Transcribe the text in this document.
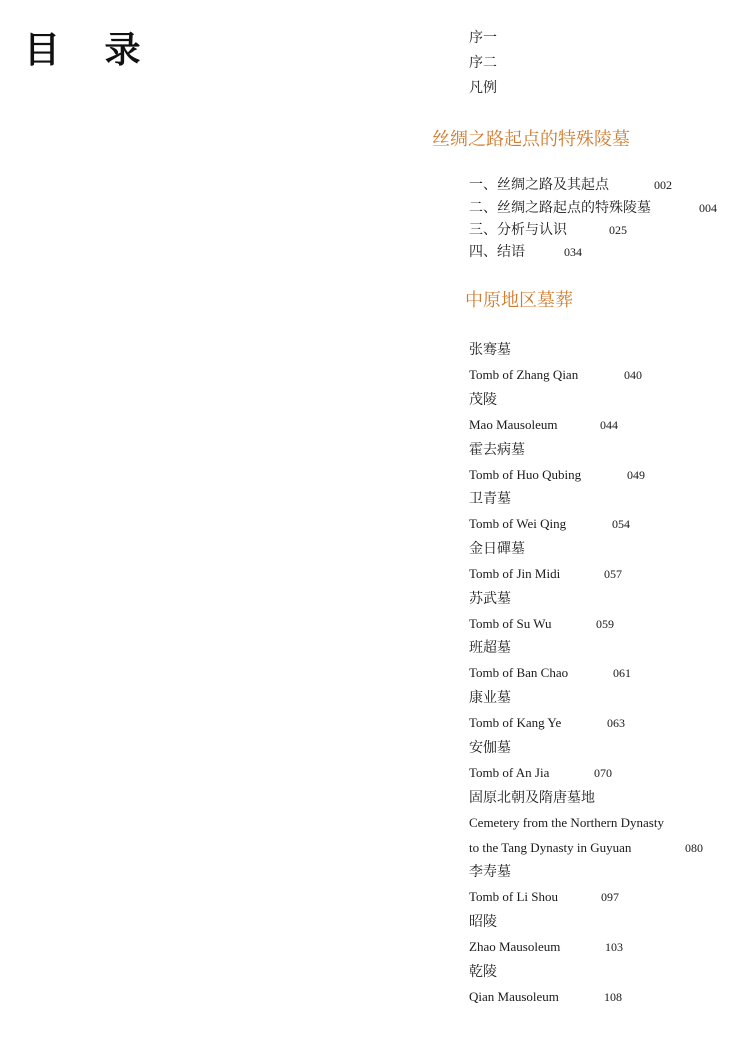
目 录	序一
序二
凡例
丝绸之路起点的特殊陵墓
一、丝绸之路及其起点	002
二、丝绸之路起点的特殊陵墓	004
三、分析与认识	025
四、结语	034
中原地区墓葬
张骞墓
Tomb of Zhang Qian	040
茂陵
Mao Mausoleum	044
霍去病墓
Tomb of Huo Qubing	049
卫青墓
Tomb of Wei Qing	054
金日磾墓
Tomb of Jin Midi	057
苏武墓
Tomb of Su Wu	059
班超墓
Tomb of Ban Chao	061
康业墓
Tomb of Kang Ye	063
安伽墓
Tomb of An Jia	070
固原北朝及隋唐墓地
Cemetery from the Northern Dynasty
to the Tang Dynasty in Guyuan	080
李寿墓
Tomb of Li Shou	097
昭陵
Zhao Mausoleum	103
乾陵
Qian Mausoleum	108
